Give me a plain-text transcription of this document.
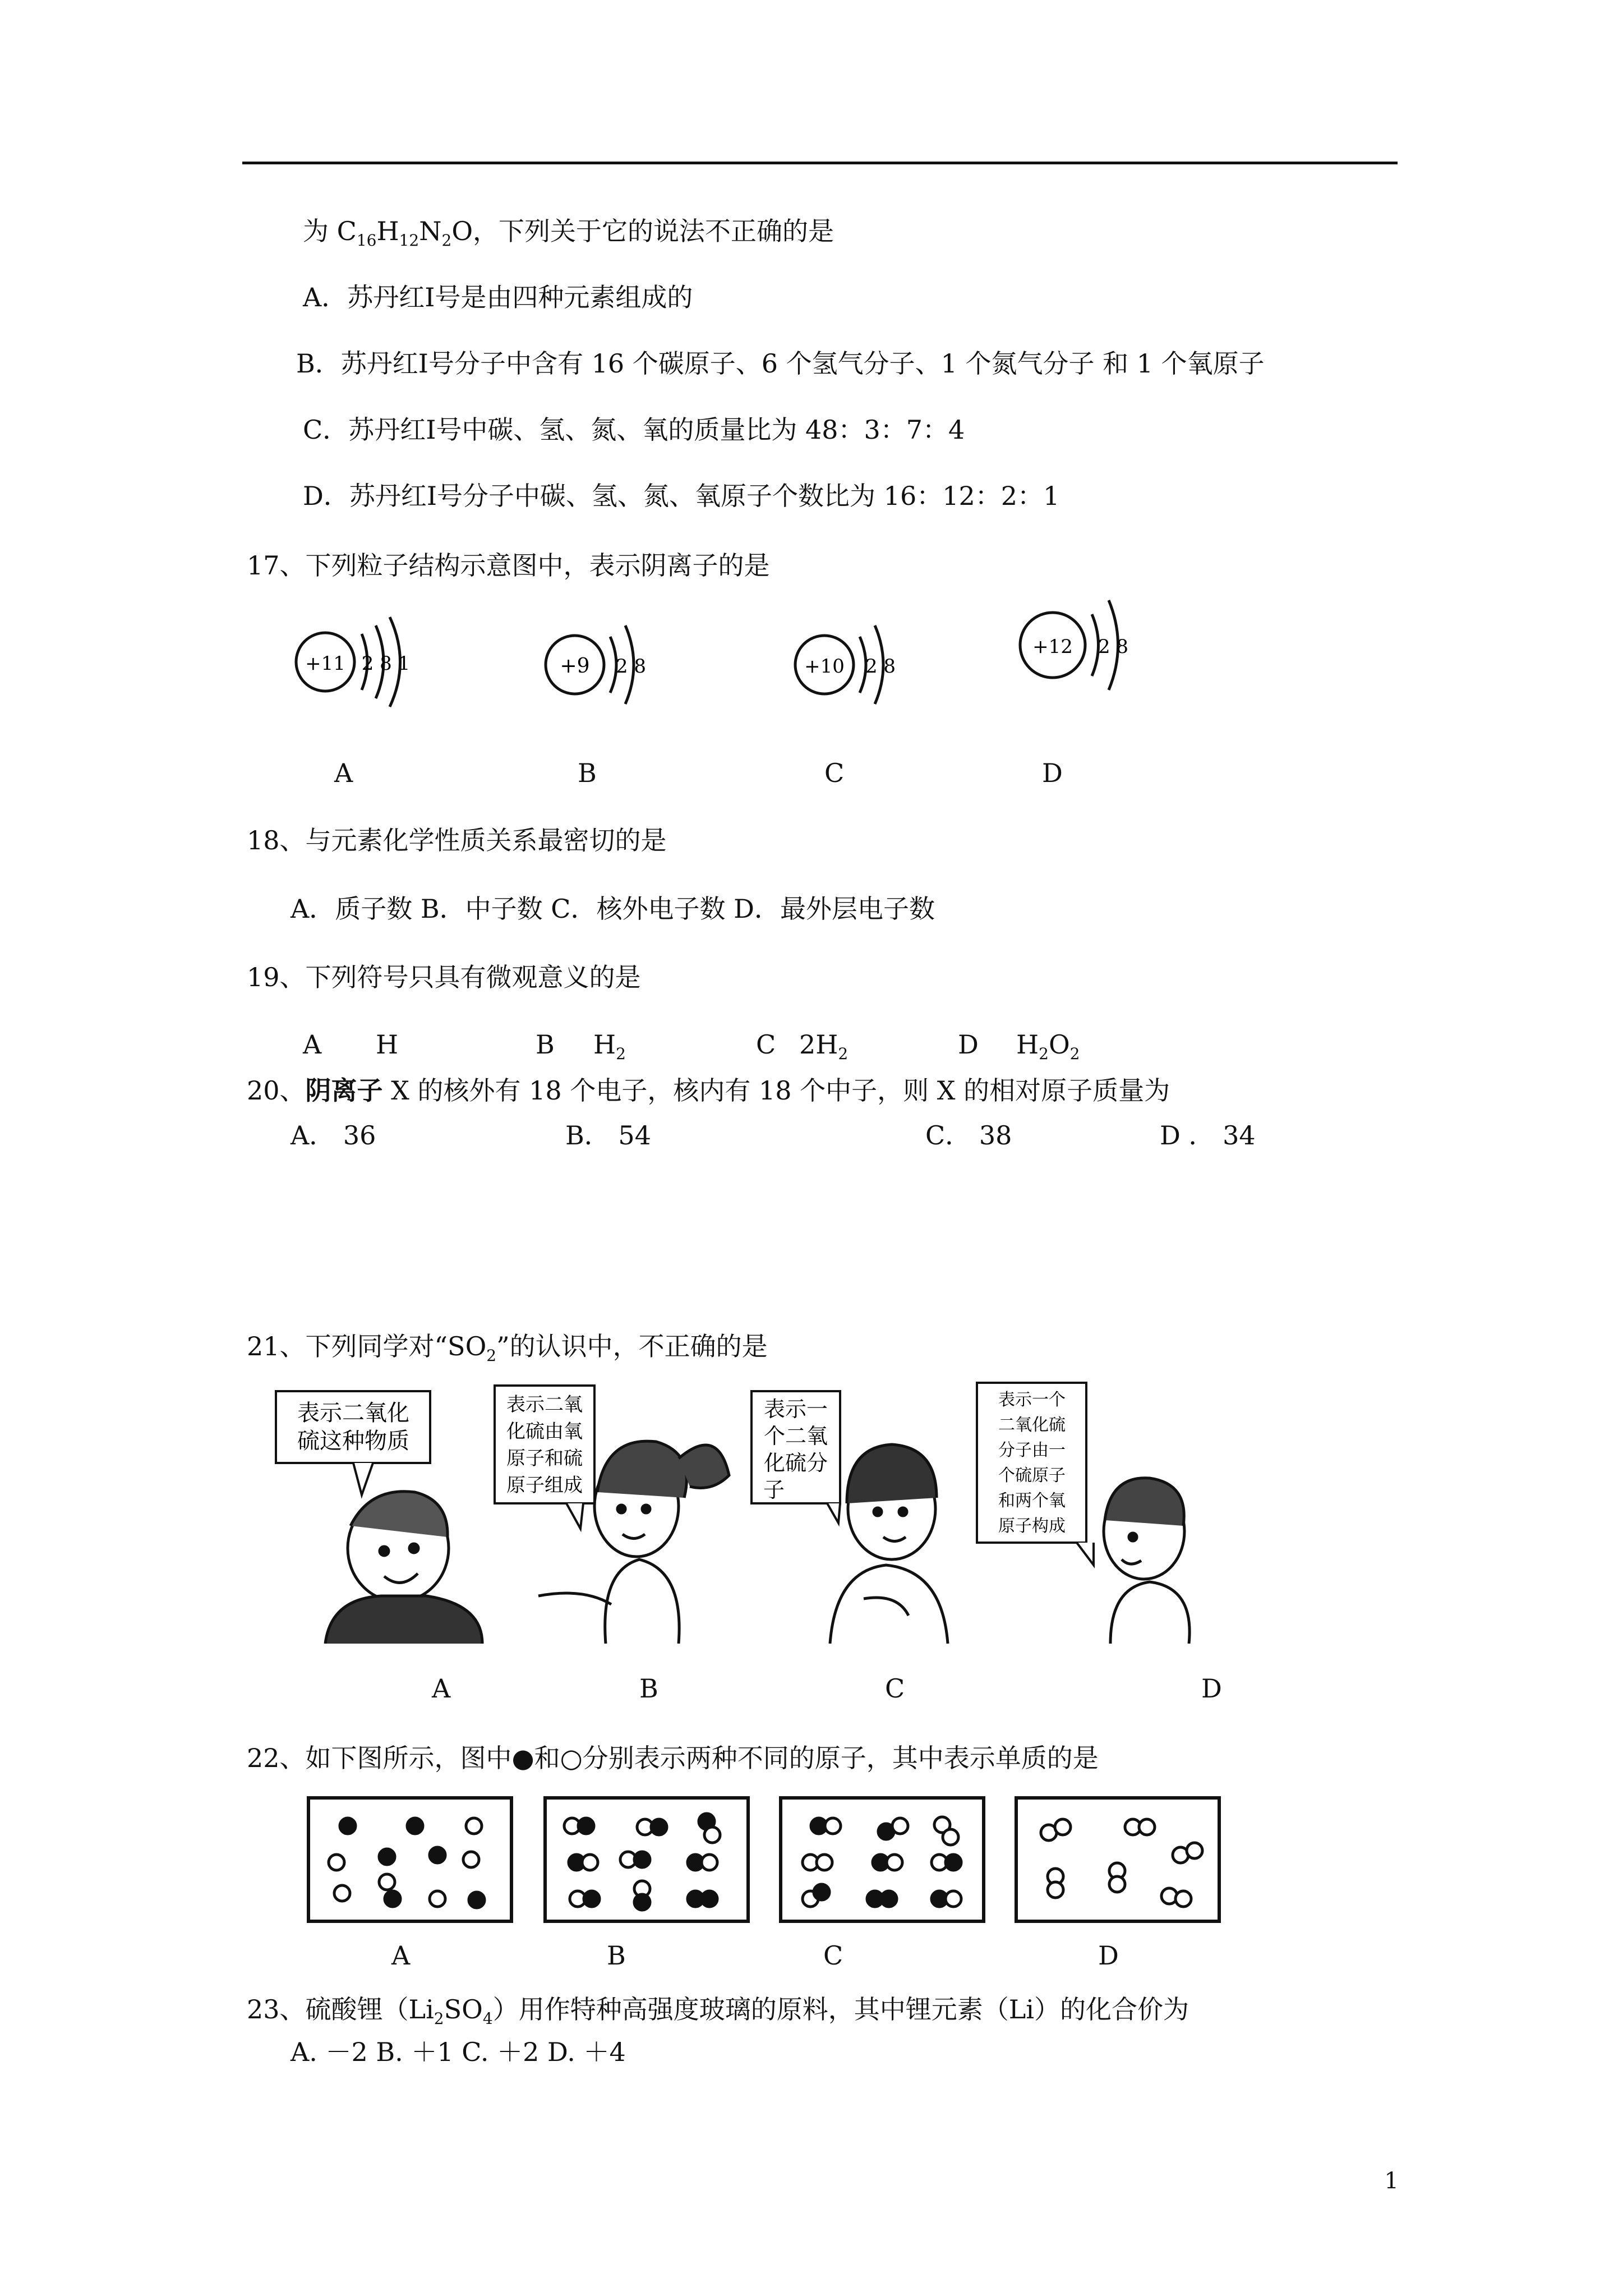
为 $C_{16}H_{12}N_2O$，下列关于它的说法不正确的是
A．苏丹红Ⅰ号是由四种元素组成的
B．苏丹红Ⅰ号分子中含有 16 个碳原子、6 个氢气分子、1 个氮气分子 和 1 个氧原子
C．苏丹红Ⅰ号中碳、氢、氮、氧的质量比为 48：3：7：4
D．苏丹红Ⅰ号分子中碳、氢、氮、氧原子个数比为 16：12：2：1
17、下列粒子结构示意图中，表示阴离子的是
+11 2 8 1	+9 2 8	+10 2 8
+12 2 8
A	B	C	D
18、与元素化学性质关系最密切的是
A．质子数 B．中子数 C．核外电子数 D．最外层电子数
19、下列符号只具有微观意义的是
A H	B $H_2$	C $2H_2$	D $H_2O_2$
20、阴离子 X 的核外有 18 个电子，核内有 18 个中子，则 X 的相对原子质量为
A． 36	B． 54	C． 38	D ． 34
21、下列同学对“$SO_2$”的认识中，不正确的是
表示二氧化
硫这种物质
表示二氧
化硫由氧
原子和硫
原子组成
表示一
个二氧
化硫分
子
表示一个
二氧化硫
分子由一
个硫原子
和两个氧
原子构成
A	B	C	D
22、如下图所示，图中●和○分别表示两种不同的原子，其中表示单质的是
A	B	C	D
23、硫酸锂$(Li_2SO_4)$用作特种高强度玻璃的原料，其中锂元素（Li）的化合价为
A. －2 B. ＋1 C. ＋2 D. ＋4
1
